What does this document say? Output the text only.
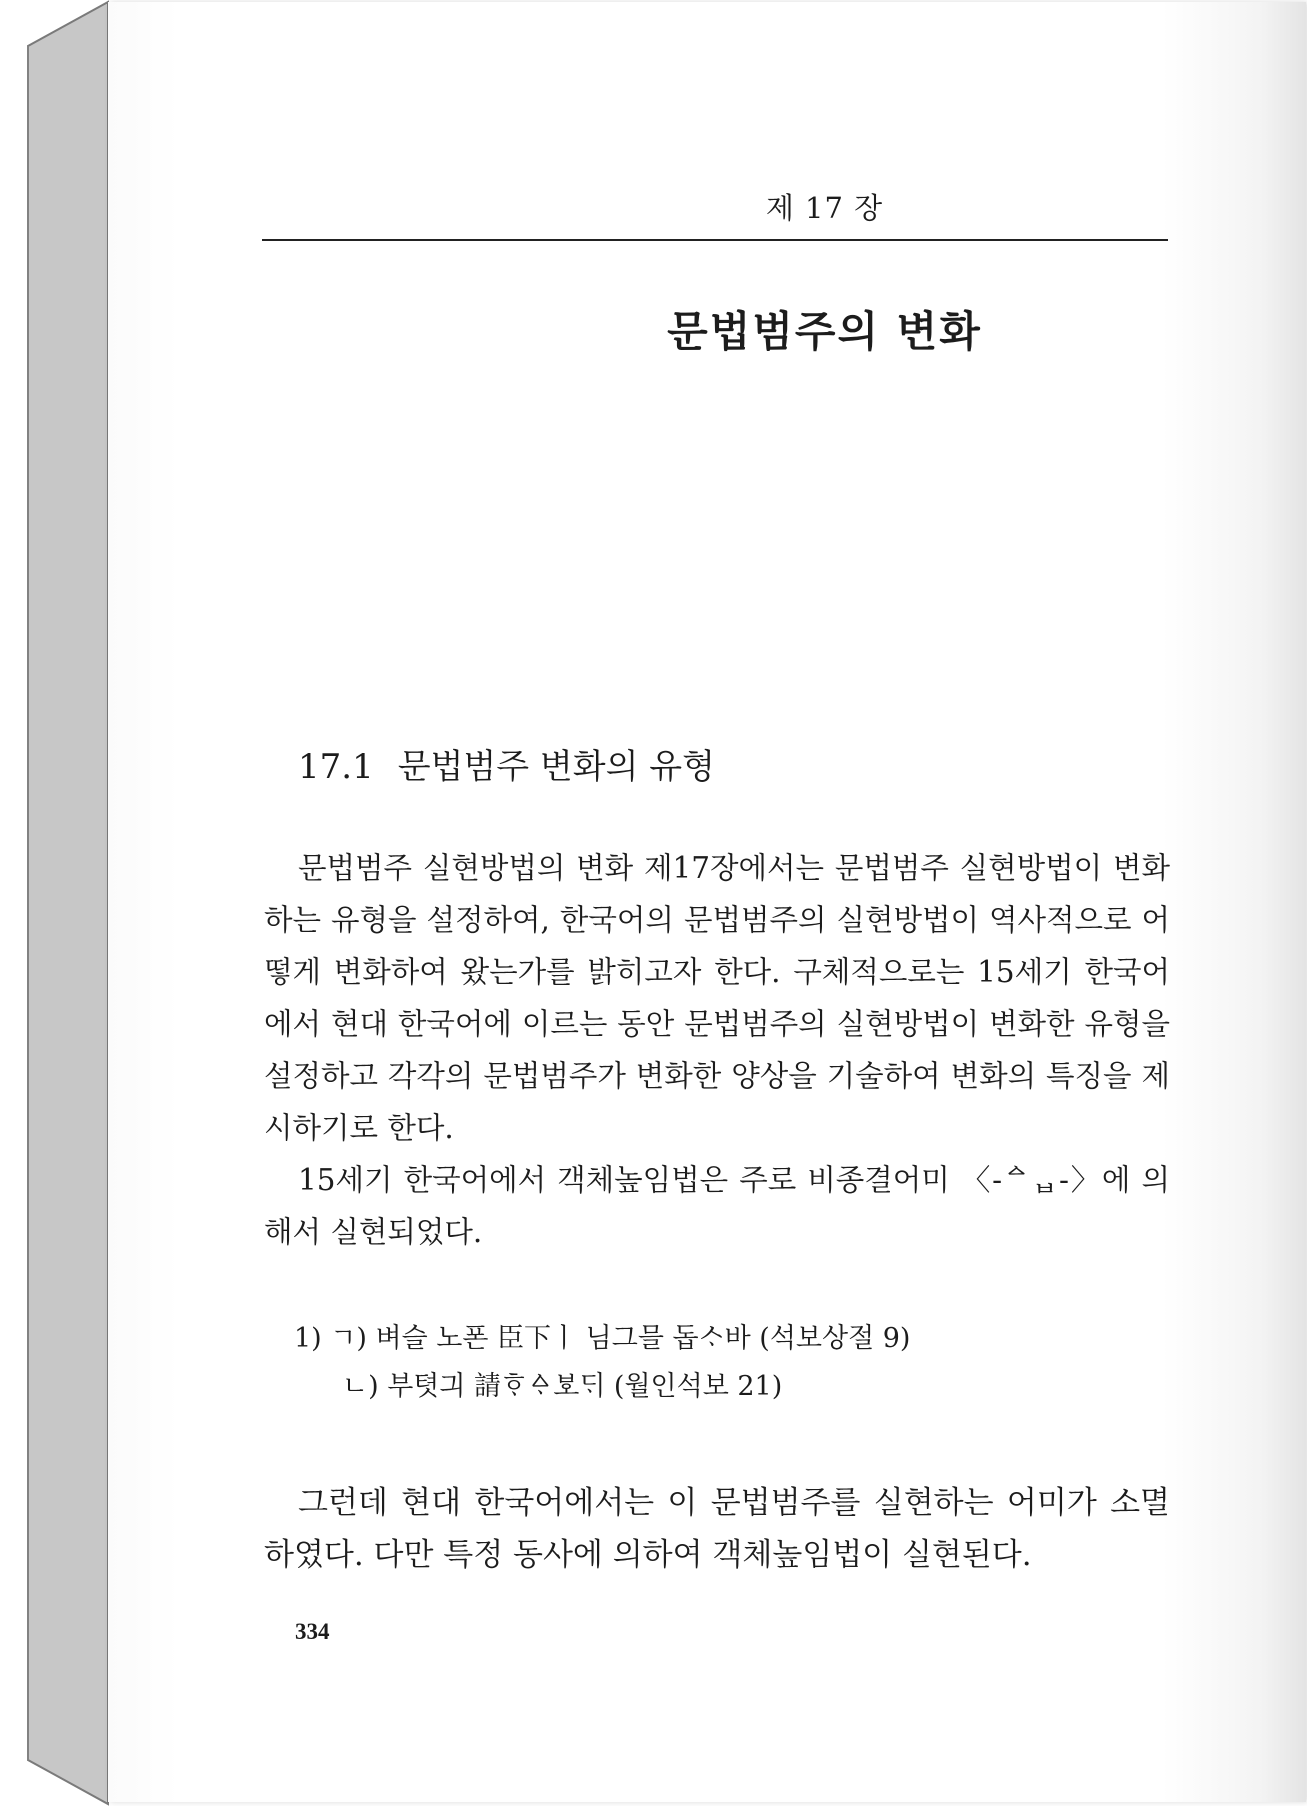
제 17 장
문법범주의 변화
17.1 문법범주 변화의 유형

문법범주 실현방법의 변화 제17장에서는 문법범주 실현방법이 변화하는 유형을 설정하여, 한국어의 문법범주의 실현방법이 역사적으로 어떻게 변화하여 왔는가를 밝히고자 한다. 구체적으로는 15세기 한국어에서 현대 한국어에 이르는 동안 문법범주의 실현방법이 변화한 유형을 설정하고 각각의 문법범주가 변화한 양상을 기술하여 변화의 특징을 제시하기로 한다.

15세기 한국어에서 객체높임법은 주로 비종결어미 〈-ᅀᆸ-〉에 의해서 실현되었다.

1) ㄱ) 벼슬 노폰 臣下ㅣ 님그믈 돕ᄉᆞ바 (석보상절 9)
ㄴ) 부텻긔 請ᄒᆞᅀᆞᄫᅩᄃᆡ (월인석보 21)

그런데 현대 한국어에서는 이 문법범주를 실현하는 어미가 소멸하였다. 다만 특정 동사에 의하여 객체높임법이 실현된다.

334
